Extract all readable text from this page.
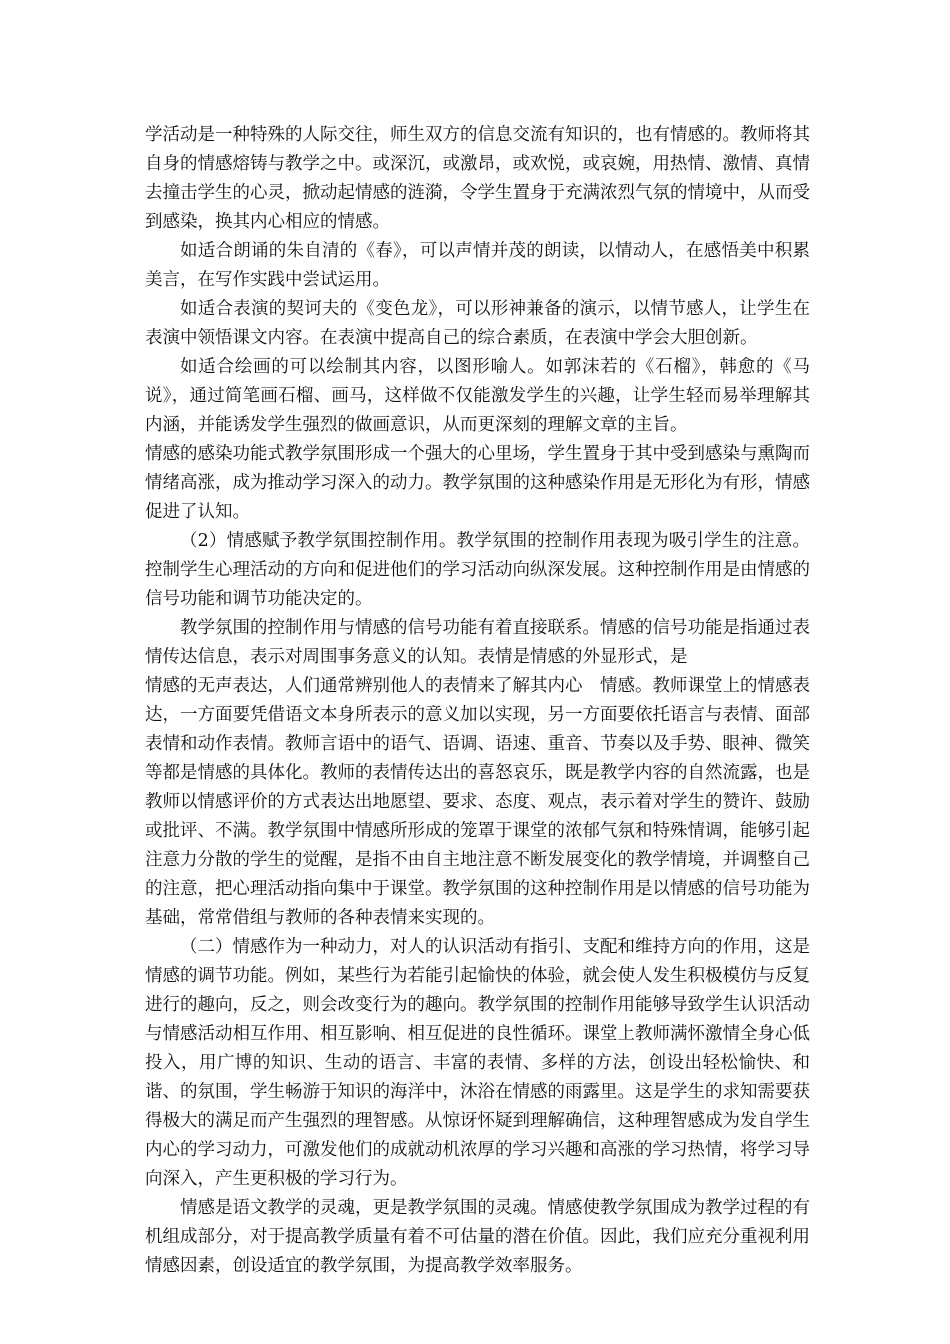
学活动是一种特殊的人际交往，师生双方的信息交流有知识的，也有情感的。教师将其自身的情感熔铸与教学之中。或深沉，或激昂，或欢悦，或哀婉，用热情、激情、真情去撞击学生的心灵，掀动起情感的涟漪，令学生置身于充满浓烈气氛的情境中，从而受到感染，换其内心相应的情感。

如适合朗诵的朱自清的《春》，可以声情并茂的朗读，以情动人，在感悟美中积累美言，在写作实践中尝试运用。

如适合表演的契诃夫的《变色龙》，可以形神兼备的演示，以情节感人，让学生在表演中领悟课文内容。在表演中提高自己的综合素质，在表演中学会大胆创新。

如适合绘画的可以绘制其内容，以图形喻人。如郭沫若的《石榴》，韩愈的《马说》，通过简笔画石榴、画马，这样做不仅能激发学生的兴趣，让学生轻而易举理解其内涵，并能诱发学生强烈的做画意识，从而更深刻的理解文章的主旨。

情感的感染功能式教学氛围形成一个强大的心里场，学生置身于其中受到感染与熏陶而情绪高涨，成为推动学习深入的动力。教学氛围的这种感染作用是无形化为有形，情感促进了认知。

（2）情感赋予教学氛围控制作用。教学氛围的控制作用表现为吸引学生的注意。控制学生心理活动的方向和促进他们的学习活动向纵深发展。这种控制作用是由情感的信号功能和调节功能决定的。

教学氛围的控制作用与情感的信号功能有着直接联系。情感的信号功能是指通过表情传达信息，表示对周围事务意义的认知。表情是情感的外显形式，是

情感的无声表达，人们通常辨别他人的表情来了解其内心　情感。教师课堂上的情感表达，一方面要凭借语文本身所表示的意义加以实现，另一方面要依托语言与表情、面部表情和动作表情。教师言语中的语气、语调、语速、重音、节奏以及手势、眼神、微笑等都是情感的具体化。教师的表情传达出的喜怒哀乐，既是教学内容的自然流露，也是教师以情感评价的方式表达出地愿望、要求、态度、观点，表示着对学生的赞许、鼓励或批评、不满。教学氛围中情感所形成的笼罩于课堂的浓郁气氛和特殊情调，能够引起注意力分散的学生的觉醒，是指不由自主地注意不断发展变化的教学情境，并调整自己的注意，把心理活动指向集中于课堂。教学氛围的这种控制作用是以情感的信号功能为基础，常常借组与教师的各种表情来实现的。

（二）情感作为一种动力，对人的认识活动有指引、支配和维持方向的作用，这是情感的调节功能。例如，某些行为若能引起愉快的体验，就会使人发生积极模仿与反复进行的趣向，反之，则会改变行为的趣向。教学氛围的控制作用能够导致学生认识活动与情感活动相互作用、相互影响、相互促进的良性循环。课堂上教师满怀激情全身心低投入，用广博的知识、生动的语言、丰富的表情、多样的方法，创设出轻松愉快、和谐、的氛围，学生畅游于知识的海洋中，沐浴在情感的雨露里。这是学生的求知需要获得极大的满足而产生强烈的理智感。从惊讶怀疑到理解确信，这种理智感成为发自学生内心的学习动力，可激发他们的成就动机浓厚的学习兴趣和高涨的学习热情，将学习导向深入，产生更积极的学习行为。

情感是语文教学的灵魂，更是教学氛围的灵魂。情感使教学氛围成为教学过程的有机组成部分，对于提高教学质量有着不可估量的潜在价值。因此，我们应充分重视利用情感因素，创设适宜的教学氛围，为提高教学效率服务。
